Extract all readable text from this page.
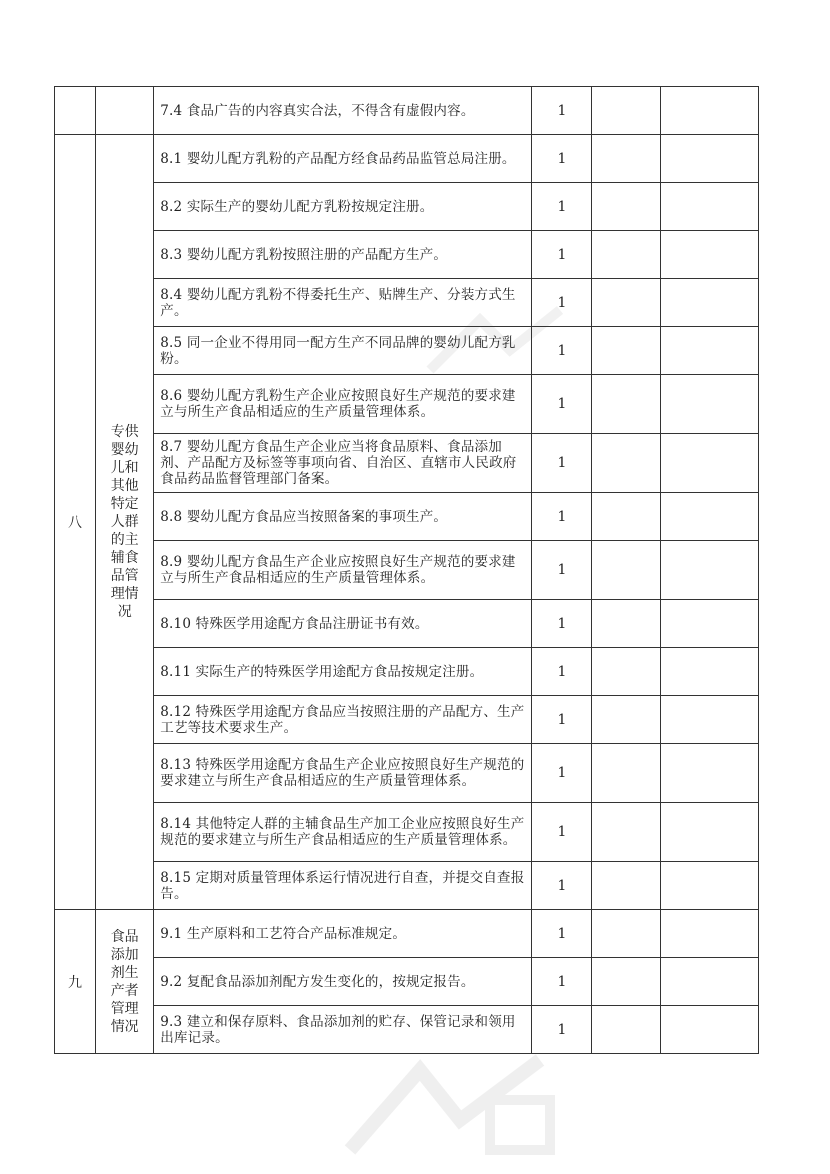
		7.4 食品广告的内容真实合法，不得含有虚假内容。	1		
八	专供婴幼儿和其他特定人群的主辅食品管理情况	8.1 婴幼儿配方乳粉的产品配方经食品药品监管总局注册。	1		
		8.2 实际生产的婴幼儿配方乳粉按规定注册。	1		
		8.3 婴幼儿配方乳粉按照注册的产品配方生产。	1		
		8.4 婴幼儿配方乳粉不得委托生产、贴牌生产、分装方式生产。	1		
		8.5 同一企业不得用同一配方生产不同品牌的婴幼儿配方乳粉。	1		
		8.6 婴幼儿配方乳粉生产企业应按照良好生产规范的要求建立与所生产食品相适应的生产质量管理体系。	1		
		8.7 婴幼儿配方食品生产企业应当将食品原料、食品添加剂、产品配方及标签等事项向省、自治区、直辖市人民政府食品药品监督管理部门备案。	1		
		8.8 婴幼儿配方食品应当按照备案的事项生产。	1		
		8.9 婴幼儿配方食品生产企业应按照良好生产规范的要求建立与所生产食品相适应的生产质量管理体系。	1		
		8.10 特殊医学用途配方食品注册证书有效。	1		
		8.11 实际生产的特殊医学用途配方食品按规定注册。	1		
		8.12 特殊医学用途配方食品应当按照注册的产品配方、生产工艺等技术要求生产。	1		
		8.13 特殊医学用途配方食品生产企业应按照良好生产规范的要求建立与所生产食品相适应的生产质量管理体系。	1		
		8.14 其他特定人群的主辅食品生产加工企业应按照良好生产规范的要求建立与所生产食品相适应的生产质量管理体系。	1		
		8.15 定期对质量管理体系运行情况进行自查，并提交自查报告。	1		
九	食品添加剂生产者管理情况	9.1 生产原料和工艺符合产品标准规定。	1		
		9.2 复配食品添加剂配方发生变化的，按规定报告。	1		
		9.3 建立和保存原料、食品添加剂的贮存、保管记录和领用出库记录。	1		
